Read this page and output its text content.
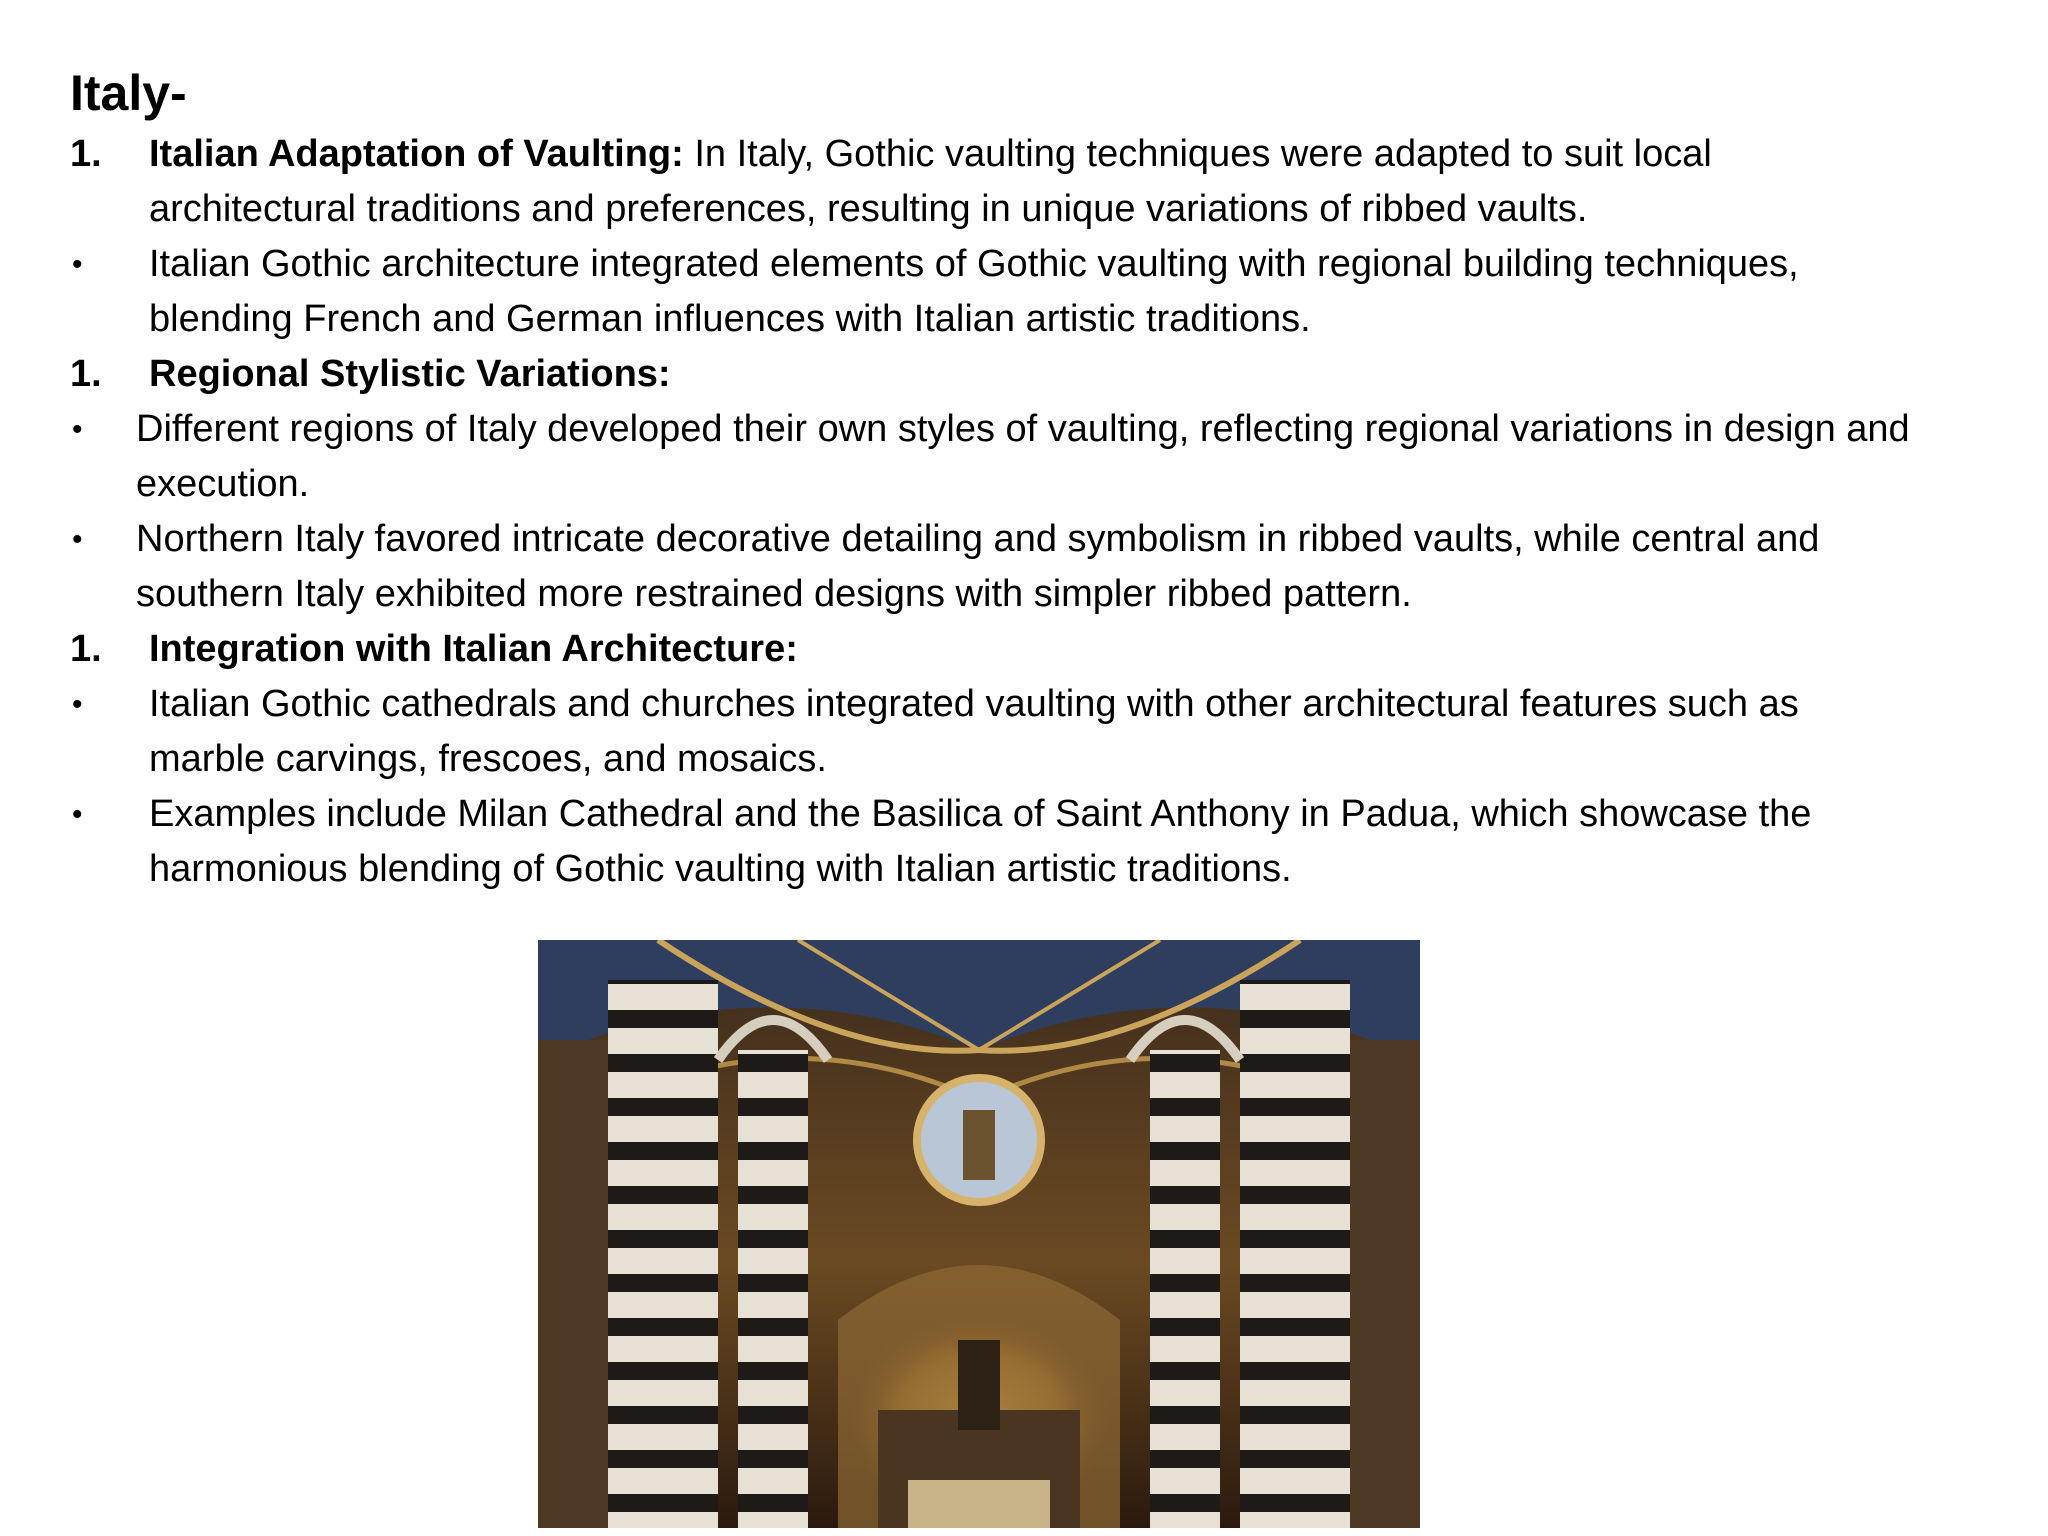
Italy-
1.	Italian Adaptation of Vaulting: In Italy, Gothic vaulting techniques were adapted to suit local architectural traditions and preferences, resulting in unique variations of ribbed vaults.
•	Italian Gothic architecture integrated elements of Gothic vaulting with regional building techniques, blending French and German influences with Italian artistic traditions.
1.	Regional Stylistic Variations:
•	Different regions of Italy developed their own styles of vaulting, reflecting regional variations in design and execution.
•	Northern Italy favored intricate decorative detailing and symbolism in ribbed vaults, while central and southern Italy exhibited more restrained designs with simpler ribbed pattern.
1.	Integration with Italian Architecture:
•	Italian Gothic cathedrals and churches integrated vaulting with other architectural features such as marble carvings, frescoes, and mosaics.
•	Examples include Milan Cathedral and the Basilica of Saint Anthony in Padua, which showcase the harmonious blending of Gothic vaulting with Italian artistic traditions.
